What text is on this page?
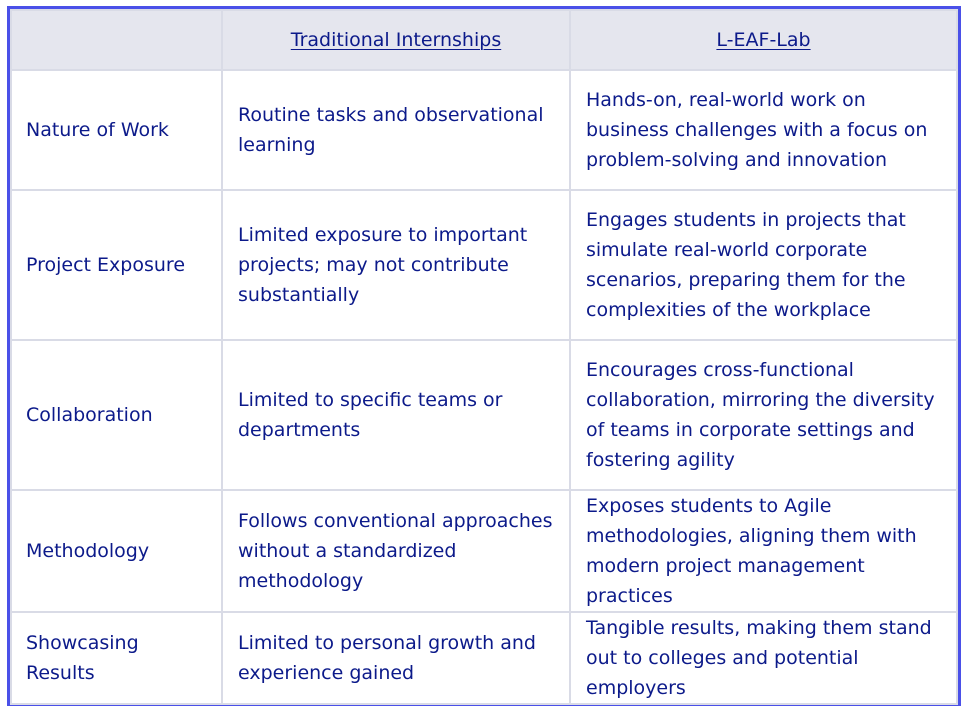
	Traditional Internships	L-EAF-Lab
Nature of Work	Routine tasks and observational learning	Hands-on, real-world work on business challenges with a focus on problem-solving and innovation
Project Exposure	Limited exposure to important projects; may not contribute substantially	Engages students in projects that simulate real-world corporate scenarios, preparing them for the complexities of the workplace
Collaboration	Limited to specific teams or departments	Encourages cross-functional collaboration, mirroring the diversity of teams in corporate settings and fostering agility
Methodology	Follows conventional approaches without a standardized methodology	Exposes students to Agile methodologies, aligning them with modern project management practices
Showcasing Results	Limited to personal growth and experience gained	Tangible results, making them stand out to colleges and potential employers
